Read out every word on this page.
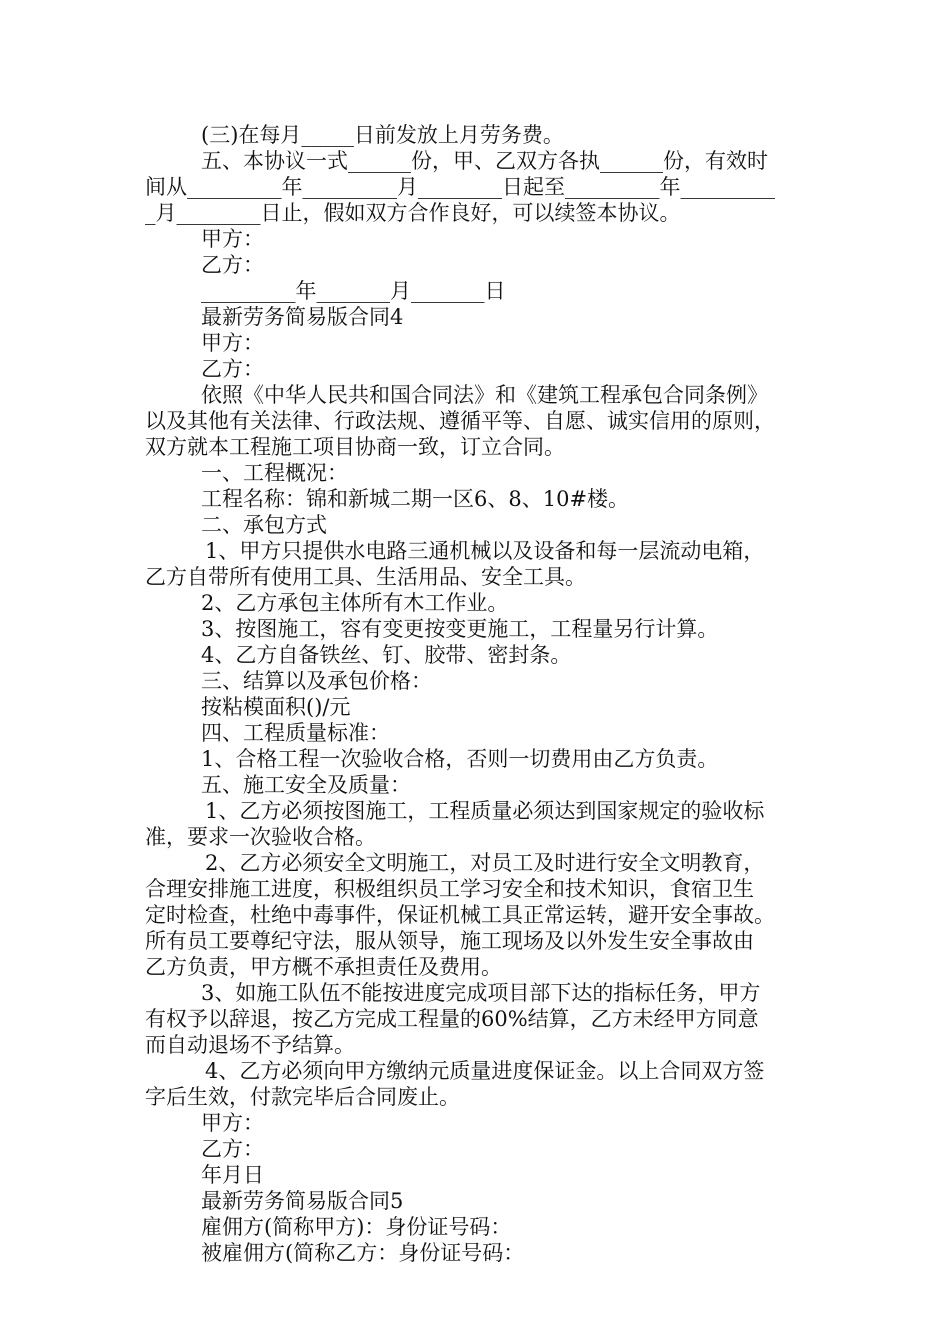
(三)在每月_____日前发放上月劳务费。
五、本协议一式______份，甲、乙双方各执______份，有效时
间从_________年_________月________日起至_________年_________
_月________日止，假如双方合作良好，可以续签本协议。
甲方：
乙方：
_________年_______月_______日
最新劳务简易版合同4
甲方：
乙方：
依照《中华人民共和国合同法》和《建筑工程承包合同条例》
以及其他有关法律、行政法规、遵循平等、自愿、诚实信用的原则，
双方就本工程施工项目协商一致，订立合同。
一、工程概况：
工程名称：锦和新城二期一区6、8、10#楼。
二、承包方式
1、甲方只提供水电路三通机械以及设备和每一层流动电箱，
乙方自带所有使用工具、生活用品、安全工具。
2、乙方承包主体所有木工作业。
3、按图施工，容有变更按变更施工，工程量另行计算。
4、乙方自备铁丝、钉、胶带、密封条。
三、结算以及承包价格：
按粘模面积()/元
四、工程质量标准：
1、合格工程一次验收合格，否则一切费用由乙方负责。
五、施工安全及质量：
1、乙方必须按图施工，工程质量必须达到国家规定的验收标
准，要求一次验收合格。
2、乙方必须安全文明施工，对员工及时进行安全文明教育，
合理安排施工进度，积极组织员工学习安全和技术知识，食宿卫生
定时检查，杜绝中毒事件，保证机械工具正常运转，避开安全事故。
所有员工要尊纪守法，服从领导，施工现场及以外发生安全事故由
乙方负责，甲方概不承担责任及费用。
3、如施工队伍不能按进度完成项目部下达的指标任务，甲方
有权予以辞退，按乙方完成工程量的60%结算，乙方未经甲方同意
而自动退场不予结算。
4、乙方必须向甲方缴纳元质量进度保证金。以上合同双方签
字后生效，付款完毕后合同废止。
甲方：
乙方：
年月日
最新劳务简易版合同5
雇佣方(简称甲方)：身份证号码：
被雇佣方(简称乙方：身份证号码：
